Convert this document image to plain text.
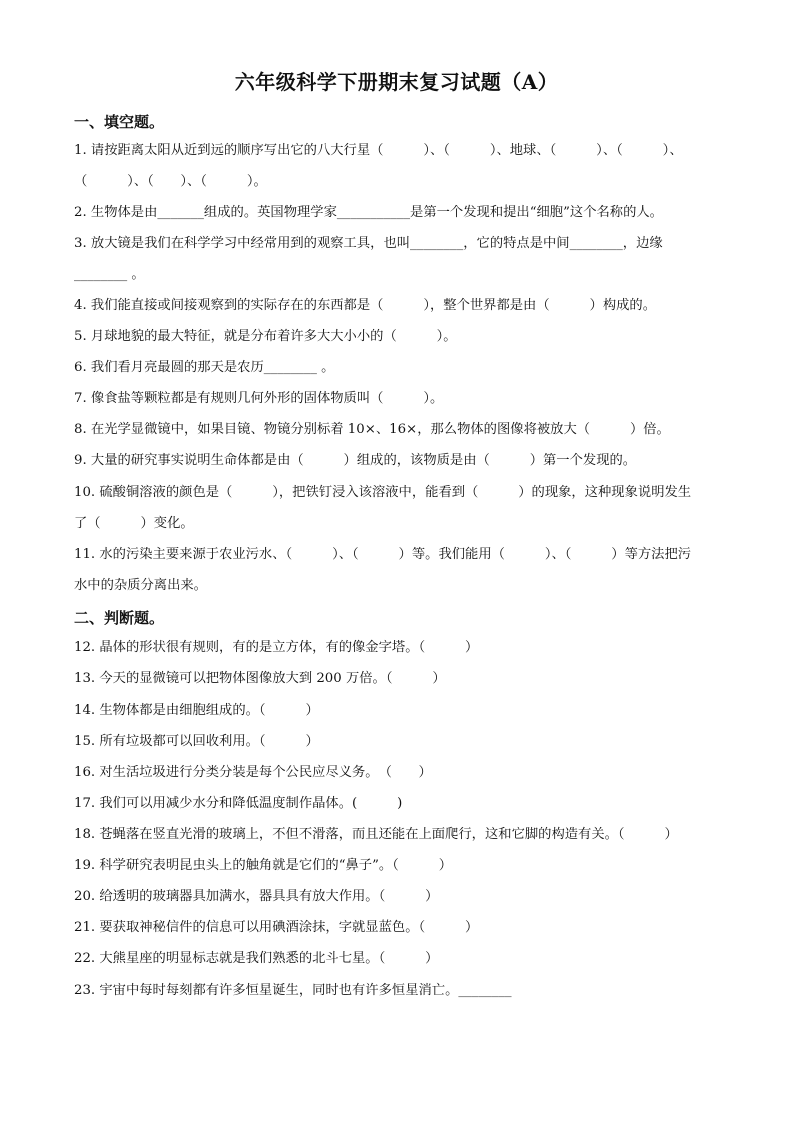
六年级科学下册期末复习试题（A）
一、填空题。
1. 请按距离太阳从近到远的顺序写出它的八大行星（　　　）、（　　　）、地球、（　　　）、（　　　）、
（　　　）、（　　）、（　　　）。
2. 生物体是由_______组成的。英国物理学家___________是第一个发现和提出“细胞”这个名称的人。
3. 放大镜是我们在科学学习中经常用到的观察工具，也叫________，它的特点是中间________，边缘
________ 。
4. 我们能直接或间接观察到的实际存在的东西都是（　　　），整个世界都是由（　　　）构成的。
5. 月球地貌的最大特征，就是分布着许多大大小小的（　　　）。
6. 我们看月亮最圆的那天是农历________ 。
7. 像食盐等颗粒都是有规则几何外形的固体物质叫（　　　）。
8. 在光学显微镜中，如果目镜、物镜分别标着 10×、16×，那么物体的图像将被放大（　　　）倍。
9. 大量的研究事实说明生命体都是由（　　　）组成的，该物质是由（　　　）第一个发现的。
10. 硫酸铜溶液的颜色是（　　　），把铁钉浸入该溶液中，能看到（　　　）的现象，这种现象说明发生
了（　　　）变化。
11. 水的污染主要来源于农业污水、（　　　）、（　　　）等。我们能用（　　　）、（　　　）等方法把污
水中的杂质分离出来。
二、判断题。
12. 晶体的形状很有规则，有的是立方体，有的像金字塔。（　　　）
13. 今天的显微镜可以把物体图像放大到 200 万倍。（　　　）
14. 生物体都是由细胞组成的。（　　　）
15. 所有垃圾都可以回收利用。（　　　）
16. 对生活垃圾进行分类分装是每个公民应尽义务。　（　　）
17. 我们可以用减少水分和降低温度制作晶体。(　　　)
18. 苍蝇落在竖直光滑的玻璃上，不但不滑落，而且还能在上面爬行，这和它脚的构造有关。（　　　）
19. 科学研究表明昆虫头上的触角就是它们的“鼻子”。（　　　）
20. 给透明的玻璃器具加满水，器具具有放大作用。（　　　）
21. 要获取神秘信件的信息可以用碘酒涂抹，字就显蓝色。（　　　）
22. 大熊星座的明显标志就是我们熟悉的北斗七星。（　　　）
23. 宇宙中每时每刻都有许多恒星诞生，同时也有许多恒星消亡。________
